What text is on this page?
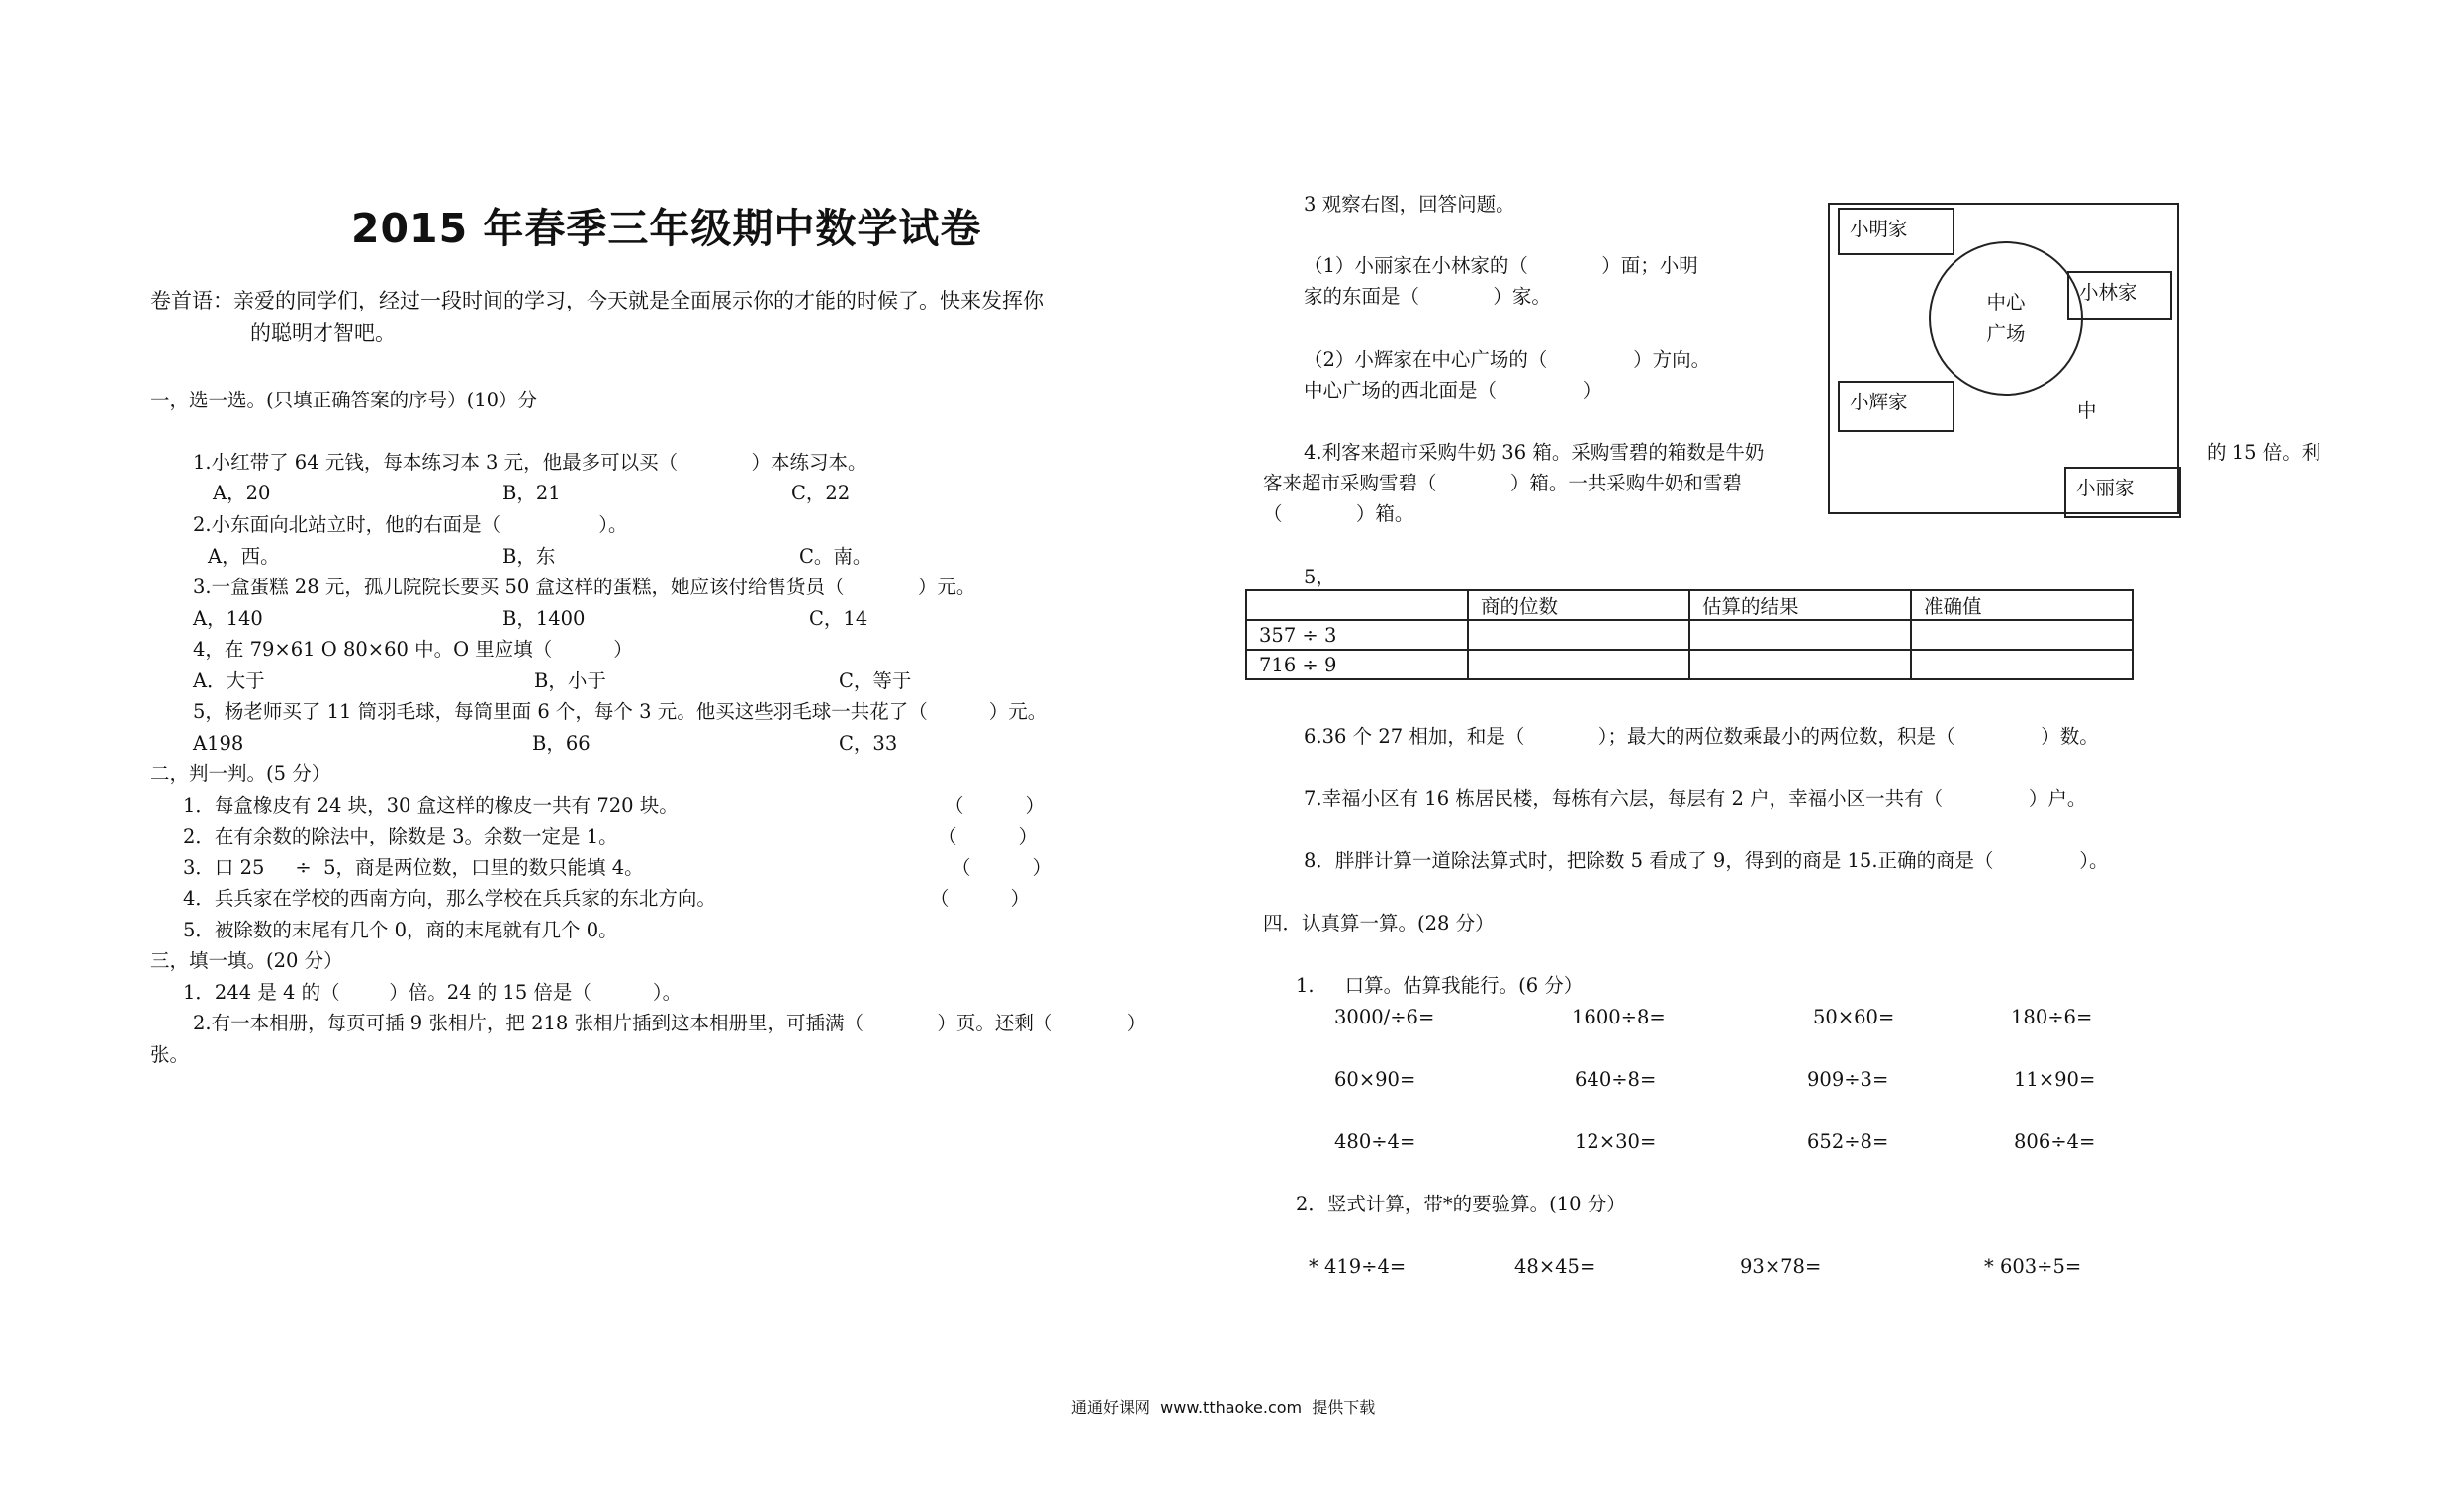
2015 年春季三年级期中数学试卷
卷首语：亲爱的同学们，经过一段时间的学习，今天就是全面展示你的才能的时候了。快来发挥你
的聪明才智吧。
一，选一选。(只填正确答案的序号）(10）分
1.小红带了 64 元钱，每本练习本 3 元，他最多可以买（            ）本练习本。
A，20	B，21	C，22
2.小东面向北站立时，他的右面是（                ）。
A，西。	B，东	C。南。
3.一盒蛋糕 28 元，孤儿院院长要买 50 盒这样的蛋糕，她应该付给售货员（            ）元。
A，140	B，1400	C，14
4，在 79×61 O 80×60 中。O 里应填（          ）
A．大于	B，小于	C，等于
5，杨老师买了 11 筒羽毛球，每筒里面 6 个，每个 3 元。他买这些羽毛球一共花了（          ）元。
A198	B，66	C，33
二，判一判。(5 分）
1．每盒橡皮有 24 块，30 盒这样的橡皮一共有 720 块。	（          ）
2．在有余数的除法中，除数是 3。余数一定是 1。	（          ）
3．口 25     ÷  5，商是两位数，口里的数只能填 4。	（          ）
4．兵兵家在学校的西南方向，那么学校在兵兵家的东北方向。	（          ）
5．被除数的末尾有几个 0，商的末尾就有几个 0。
三，填一填。(20 分）
1．244 是 4 的（        ）倍。24 的 15 倍是（          ）。
2.有一本相册，每页可插 9 张相片，把 218 张相片插到这本相册里，可插满（            ）页。还剩（            ）
张。
3 观察右图，回答问题。
（1）小丽家在小林家的（            ）面；小明
家的东面是（            ）家。
（2）小辉家在中心广场的（              ）方向。
中心广场的西北面是（              ）
小明家
中心
广场
小林家
小辉家	中
小丽家
4.利客来超市采购牛奶 36 箱。采购雪碧的箱数是牛奶	的 15 倍。利
客来超市采购雪碧（            ）箱。一共采购牛奶和雪碧
（            ）箱。
5，
	商的位数	估算的结果	准确值
357 ÷ 3			
716 ÷ 9			
6.36 个 27 相加，和是（            ）；最大的两位数乘最小的两位数，积是（              ）数。
7.幸福小区有 16 栋居民楼，每栋有六层，每层有 2 户，幸福小区一共有（              ）户。
8．胖胖计算一道除法算式时，把除数 5 看成了 9，得到的商是 15.正确的商是（              ）。
四．认真算一算。(28 分）
1.     口算。估算我能行。(6 分）
3000/÷6=	1600÷8=	50×60=	180÷6=
60×90=	640÷8=	909÷3=	11×90=
480÷4=	12×30=	652÷8=	806÷4=
2．竖式计算，带*的要验算。(10 分）
* 419÷4=	48×45=	93×78=	* 603÷5=
通通好课网  www.tthaoke.com  提供下载
